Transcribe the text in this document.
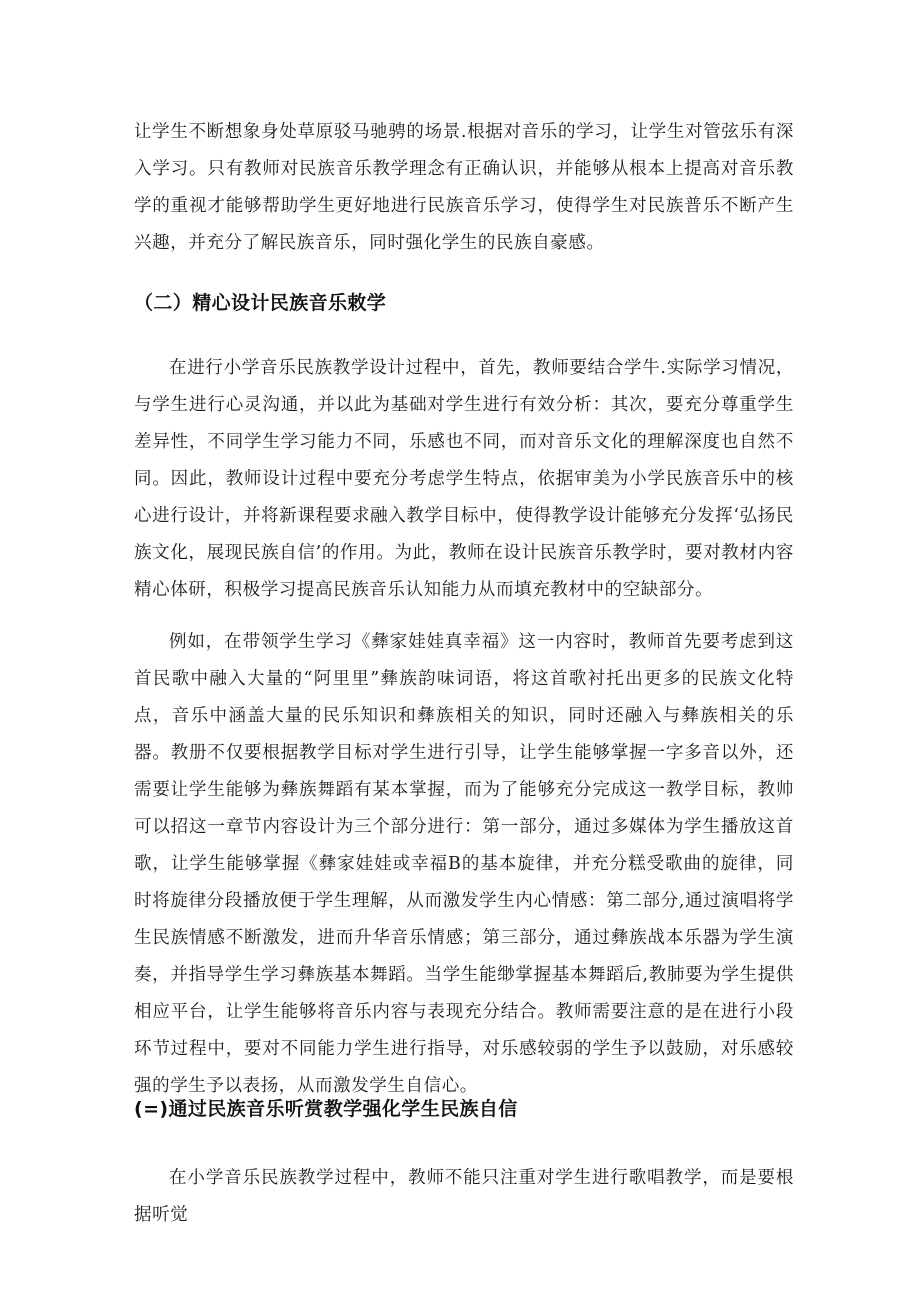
让学生不断想象身处草原驳马驰骋的场景.根据对音乐的学习，让学生对管弦乐有深入学习。只有教师对民族音乐教学理念有正确认识，并能够从根本上提高对音乐教学的重视才能够帮助学生更好地进行民族音乐学习，使得学生对民族普乐不断产生兴趣，并充分了解民族音乐，同时强化学生的民族自豪感。

（二）精心设计民族音乐敕学

在进行小学音乐民族教学设计过程中，首先，教师要结合学牛.实际学习情况，与学生进行心灵沟通，并以此为基础对学生进行有效分析：其次，要充分尊重学生差异性，不同学生学习能力不同，乐感也不同，而对音乐文化的理解深度也自然不同。因此，教师设计过程中要充分考虑学生特点，依据审美为小学民族音乐中的核心进行设计，并将新课程要求融入教学目标中，使得教学设计能够充分发挥‘弘扬民族文化，展现民族自信’的作用。为此，教师在设计民族音乐教学时，要对教材内容精心体研，积极学习提高民族音乐认知能力从而填充教材中的空缺部分。

例如，在带领学生学习《彝家娃娃真幸福》这一内容时，教师首先要考虑到这首民歌中融入大量的“阿里里”彝族韵味词语，将这首歌衬托出更多的民族文化特点，音乐中涵盖大量的民乐知识和彝族相关的知识，同时还融入与彝族相关的乐器。教册不仅要根据教学目标对学生进行引导，让学生能够掌握一字多音以外，还需要让学生能够为彝族舞蹈有某本掌握，而为了能够充分完成这一教学目标，教帅可以招这一章节内容设计为三个部分进行：第一部分，通过多媒体为学生播放这首歌，让学生能够掌握《彝家娃娃或幸福B的基本旋律，并充分糕受歌曲的旋律，同时将旋律分段播放便于学生理解，从而激发学生内心情感：第二部分,通过演唱将学生民族情感不断激发，进而升华音乐情感；第三部分，通过彝族战本乐器为学生演奏，并指导学生学习彝族基本舞蹈。当学生能缈掌握基本舞蹈后,教肺要为学生提供相应平台，让学生能够将音乐内容与表现充分结合。教师需要注意的是在进行小段环节过程中，要对不同能力学生进行指导，对乐感较弱的学生予以鼓励，对乐感较强的学生予以表扬，从而激发学生自信心。

(=)通过民族音乐听赏教学强化学生民族自信

在小学音乐民族教学过程中，教师不能只注重对学生进行歌唱教学，而是要根据听觉
